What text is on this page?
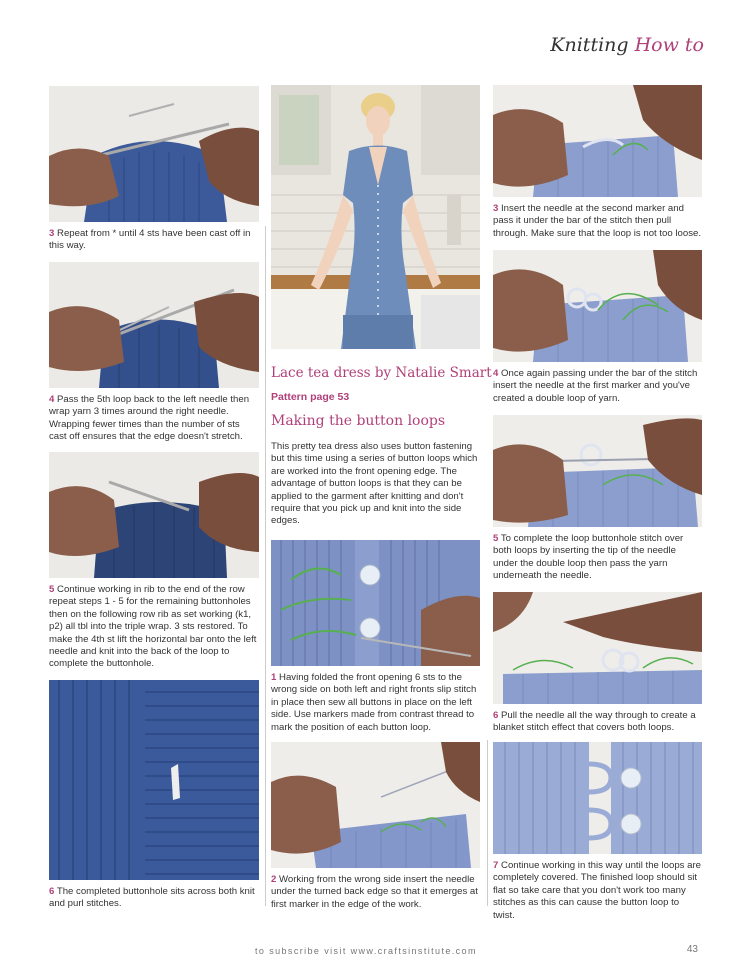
Knitting How to
3 Repeat from * until 4 sts have been cast off in this way.
4 Pass the 5th loop back to the left needle then wrap yarn 3 times around the right needle. Wrapping fewer times than the number of sts cast off ensures that the edge doesn't stretch.
5 Continue working in rib to the end of the row repeat steps 1 - 5 for the remaining buttonholes then on the following row rib as set working (k1, p2) all tbl into the triple wrap. 3 sts restored. To make the 4th st lift the horizontal bar onto the left needle and knit into the back of the loop to complete the buttonhole.
6 The completed buttonhole sits across both knit and purl stitches.
Lace tea dress by Natalie Smart
Pattern page 53
Making the button loops
This pretty tea dress also uses button fastening but this time using a series of button loops which are worked into the front opening edge. The advantage of button loops is that they can be applied to the garment after knitting and don't require that you pick up and knit into the side edges.
1 Having folded the front opening 6 sts to the wrong side on both left and right fronts slip stitch in place then sew all buttons in place on the left side. Use markers made from contrast thread to mark the position of each button loop.
2 Working from the wrong side insert the needle under the turned back edge so that it emerges at first marker in the edge of the work.
3 Insert the needle at the second marker and pass it under the bar of the stitch then pull through. Make sure that the loop is not too loose.
4 Once again passing under the bar of the stitch insert the needle at the first marker and you've created a double loop of yarn.
5 To complete the loop buttonhole stitch over both loops by inserting the tip of the needle under the double loop then pass the yarn underneath the needle.
6 Pull the needle all the way through to create a blanket stitch effect that covers both loops.
7 Continue working in this way until the loops are completely covered. The finished loop should sit flat so take care that you don't work too many stitches as this can cause the button loop to twist.
to subscribe visit www.craftsinstitute.com	43
